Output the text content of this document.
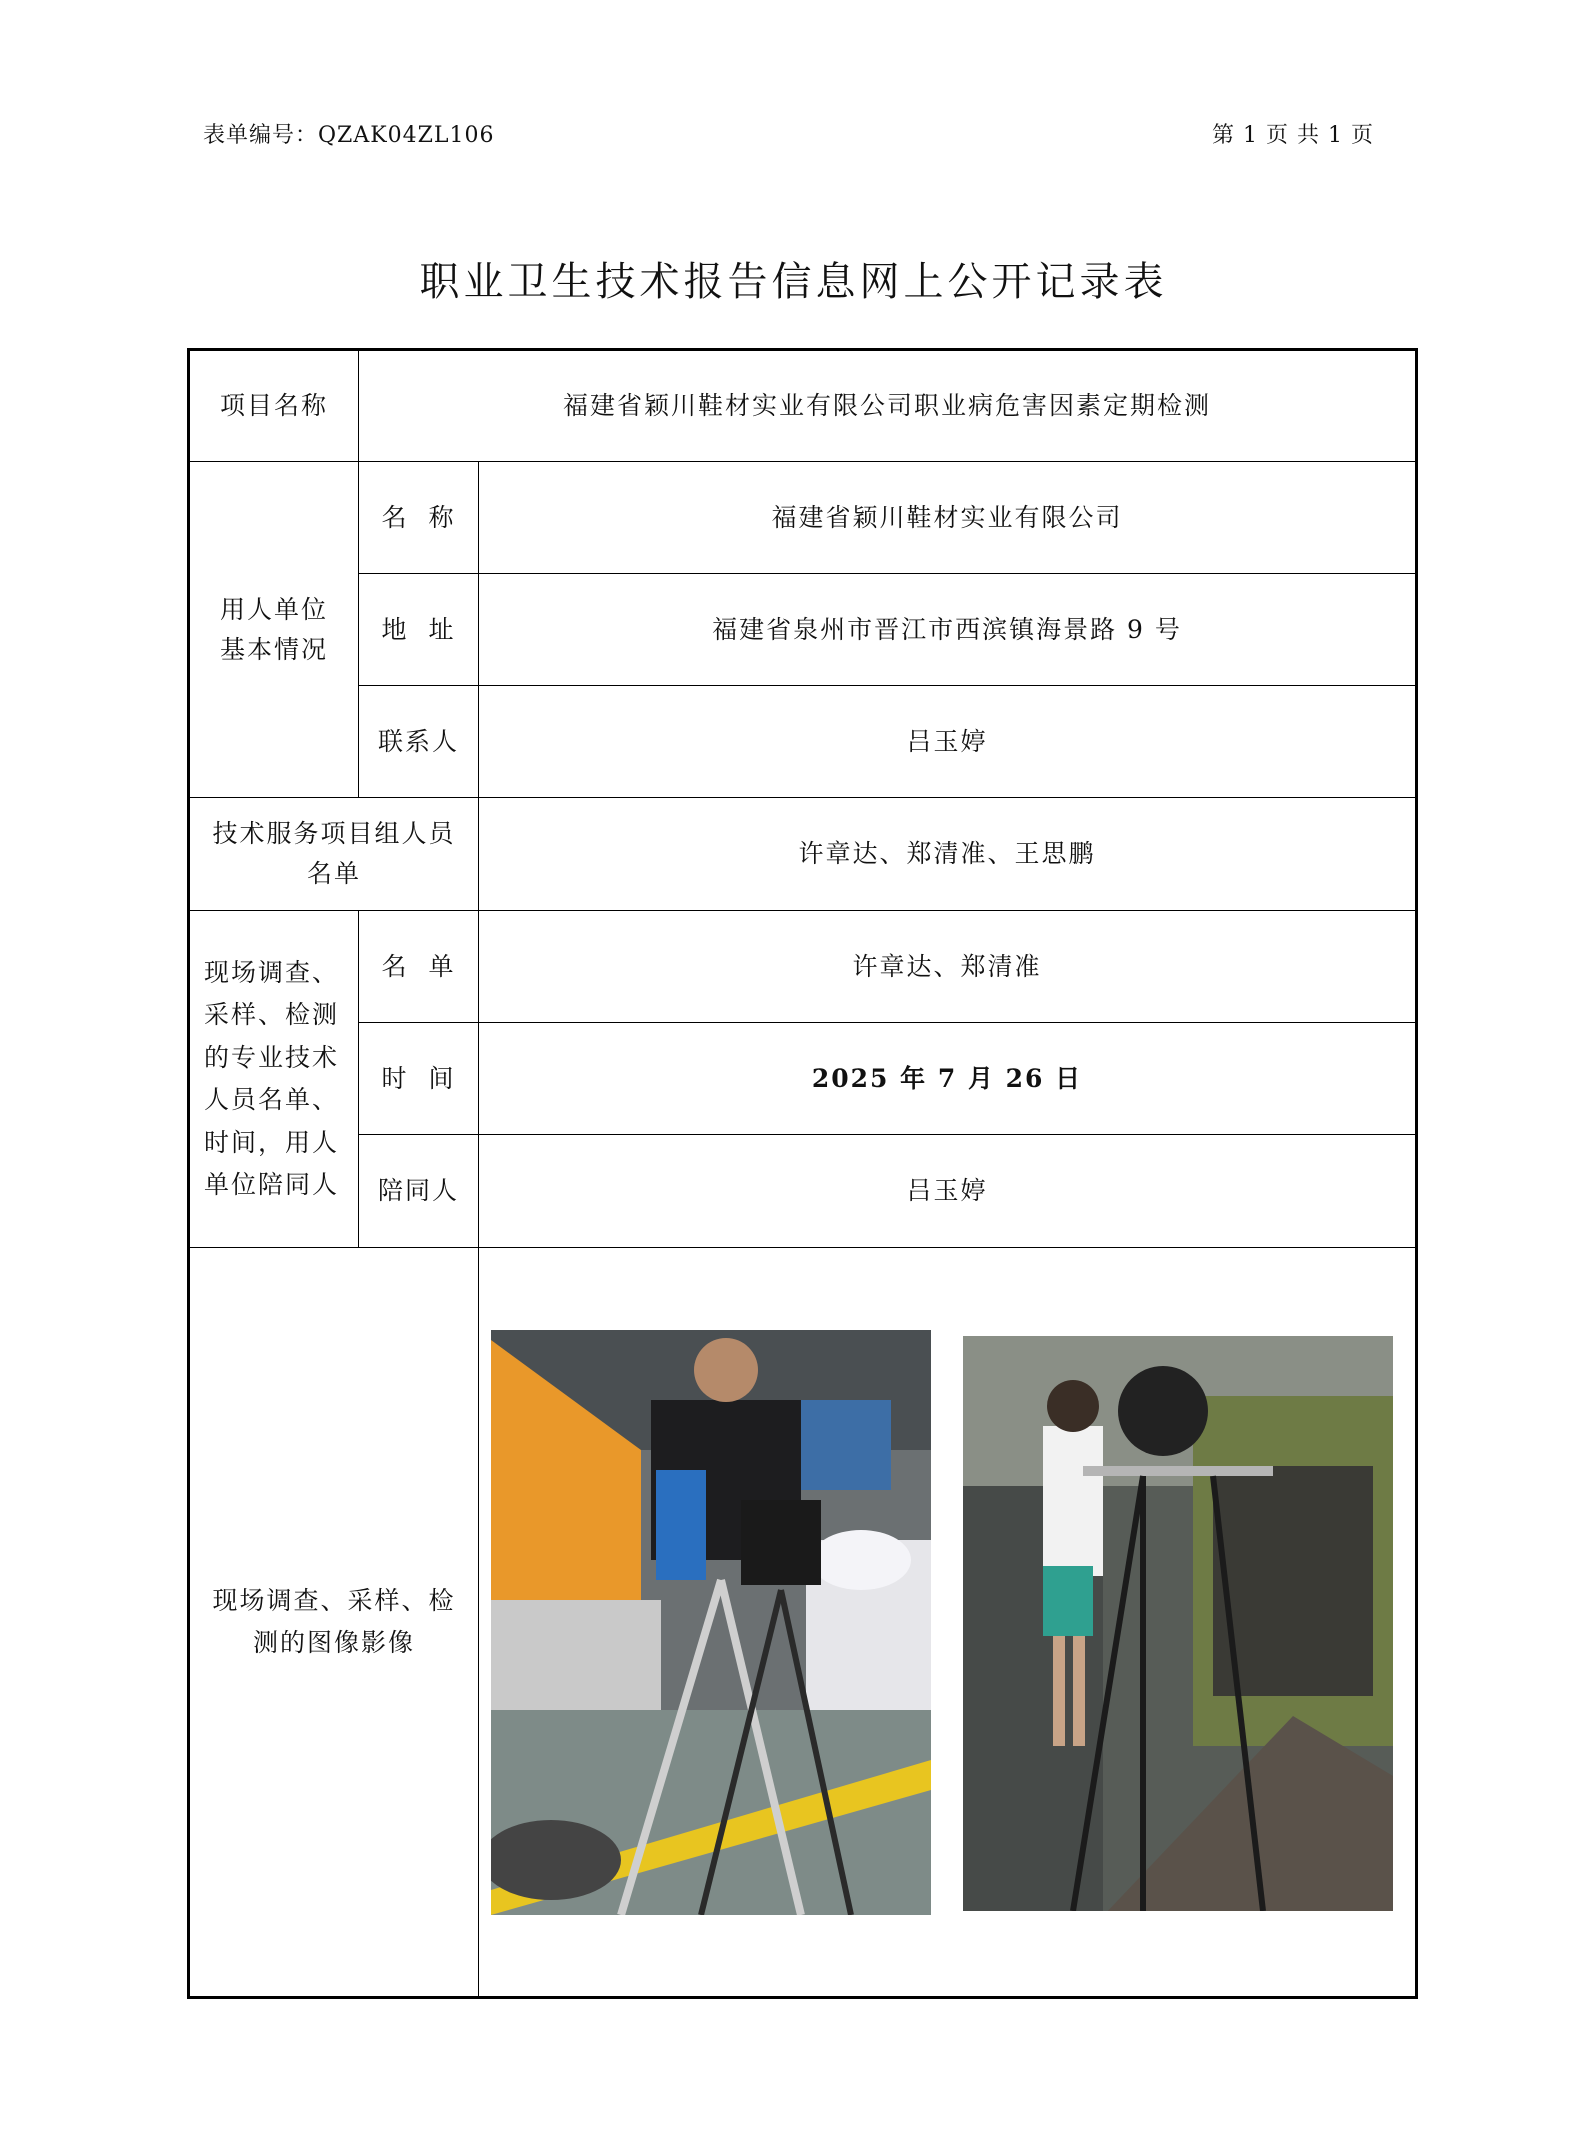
表单编号：QZAK04ZL106	第 1 页 共 1 页
职业卫生技术报告信息网上公开记录表
项目名称	福建省颖川鞋材实业有限公司职业病危害因素定期检测	

用人单位基本情况	名  称	福建省颖川鞋材实业有限公司
	地  址	福建省泉州市晋江市西滨镇海景路 9 号
	联系人	吕玉婷

技术服务项目组人员名单		许章达、郑清准、王思鹏

现场调查、采样、检测的专业技术人员名单、时间，用人单位陪同人	名  单	许章达、郑清准
	时  间	2025 年 7 月 26 日
	陪同人	吕玉婷

现场调查、采样、检测的图像影像
